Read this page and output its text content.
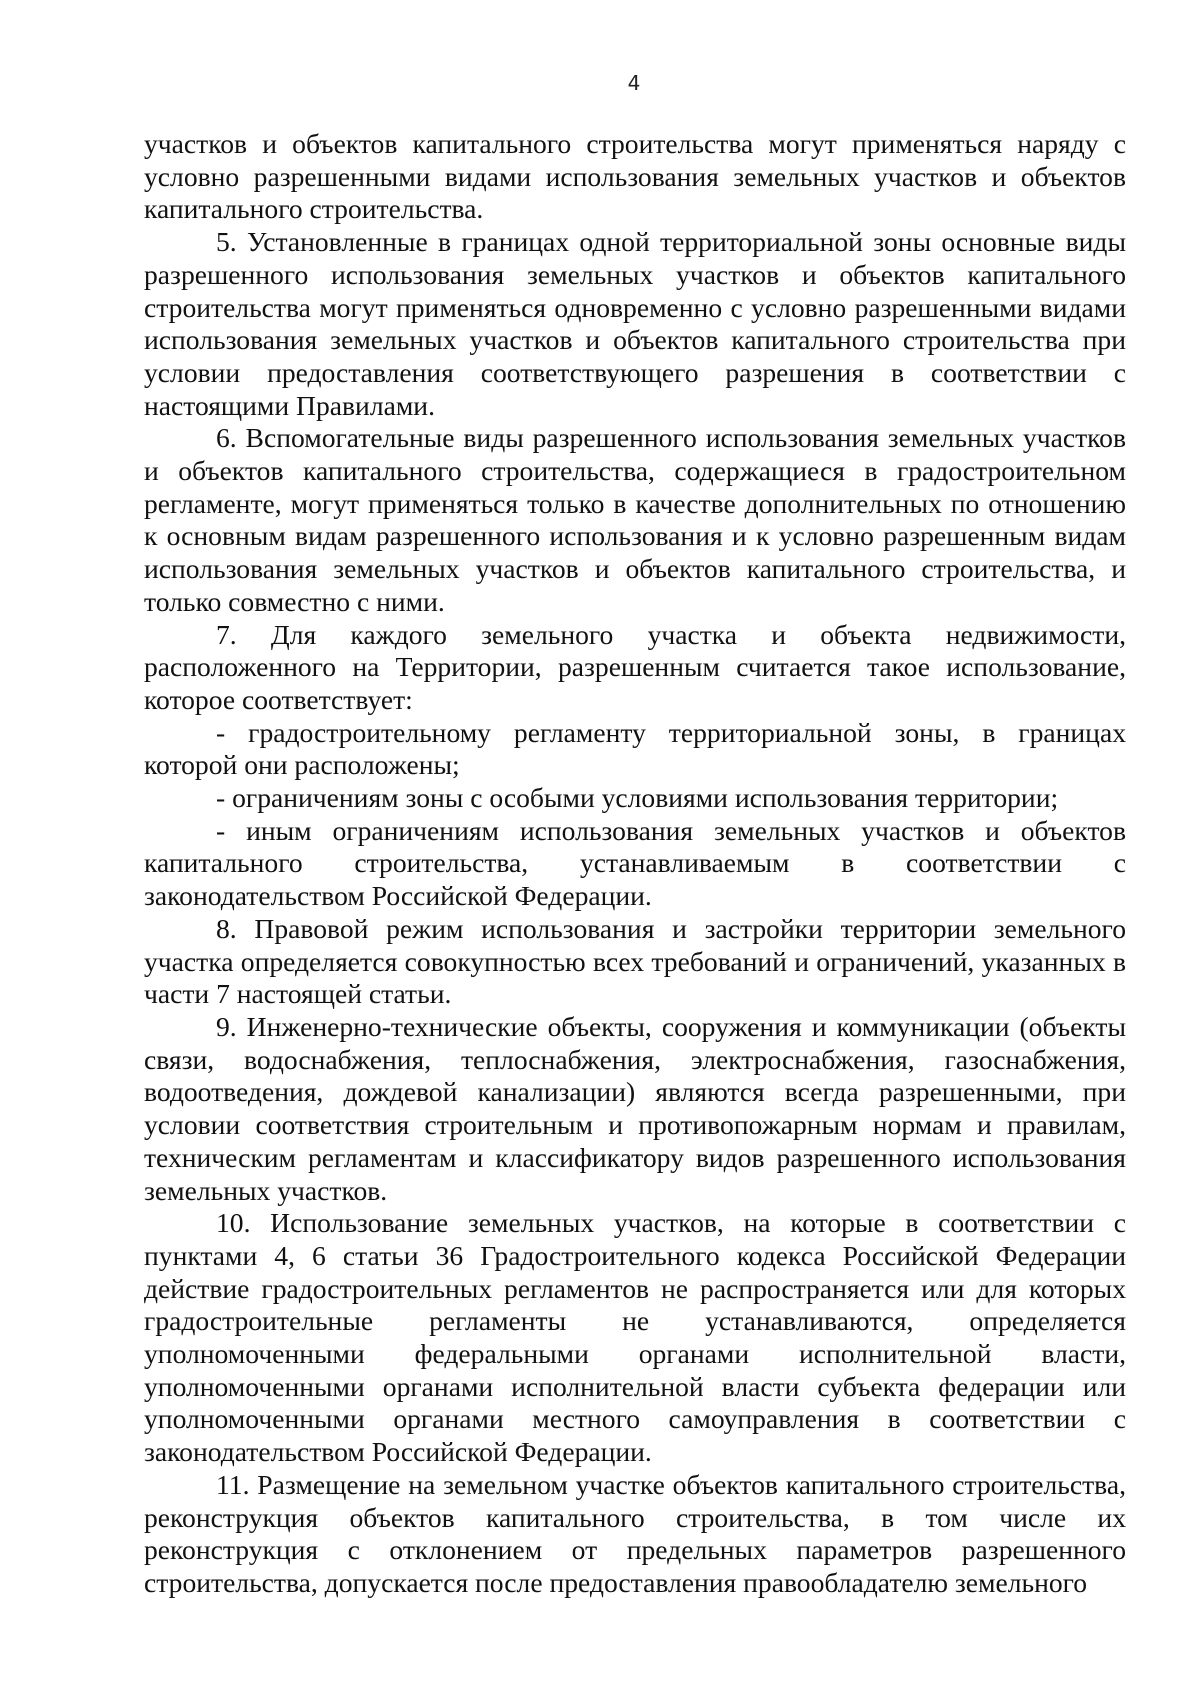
4

участков и объектов капитального строительства могут применяться наряду с условно разрешенными видами использования земельных участков и объектов капитального строительства.

5. Установленные в границах одной территориальной зоны основные виды разрешенного использования земельных участков и объектов капитального строительства могут применяться одновременно с условно разрешенными видами использования земельных участков и объектов капитального строительства при условии предоставления соответствующего разрешения в соответствии с настоящими Правилами.

6. Вспомогательные виды разрешенного использования земельных участков и объектов капитального строительства, содержащиеся в градостроительном регламенте, могут применяться только в качестве дополнительных по отношению к основным видам разрешенного использования и к условно разрешенным видам использования земельных участков и объектов капитального строительства, и только совместно с ними.

7. Для каждого земельного участка и объекта недвижимости, расположенного на Территории, разрешенным считается такое использование, которое соответствует:

- градостроительному регламенту территориальной зоны, в границах которой они расположены;

- ограничениям зоны с особыми условиями использования территории;

- иным ограничениям использования земельных участков и объектов капитального строительства, устанавливаемым в соответствии с законодательством Российской Федерации.

8. Правовой режим использования и застройки территории земельного участка определяется совокупностью всех требований и ограничений, указанных в части 7 настоящей статьи.

9. Инженерно-технические объекты, сооружения и коммуникации (объекты связи, водоснабжения, теплоснабжения, электроснабжения, газоснабжения, водоотведения, дождевой канализации) являются всегда разрешенными, при условии соответствия строительным и противопожарным нормам и правилам, техническим регламентам и классификатору видов разрешенного использования земельных участков.

10. Использование земельных участков, на которые в соответствии с пунктами 4, 6 статьи 36 Градостроительного кодекса Российской Федерации действие градостроительных регламентов не распространяется или для которых градостроительные регламенты не устанавливаются, определяется уполномоченными федеральными органами исполнительной власти, уполномоченными органами исполнительной власти субъекта федерации или уполномоченными органами местного самоуправления в соответствии с законодательством Российской Федерации.

11. Размещение на земельном участке объектов капитального строительства, реконструкция объектов капитального строительства, в том числе их реконструкция с отклонением от предельных параметров разрешенного строительства, допускается после предоставления правообладателю земельного
